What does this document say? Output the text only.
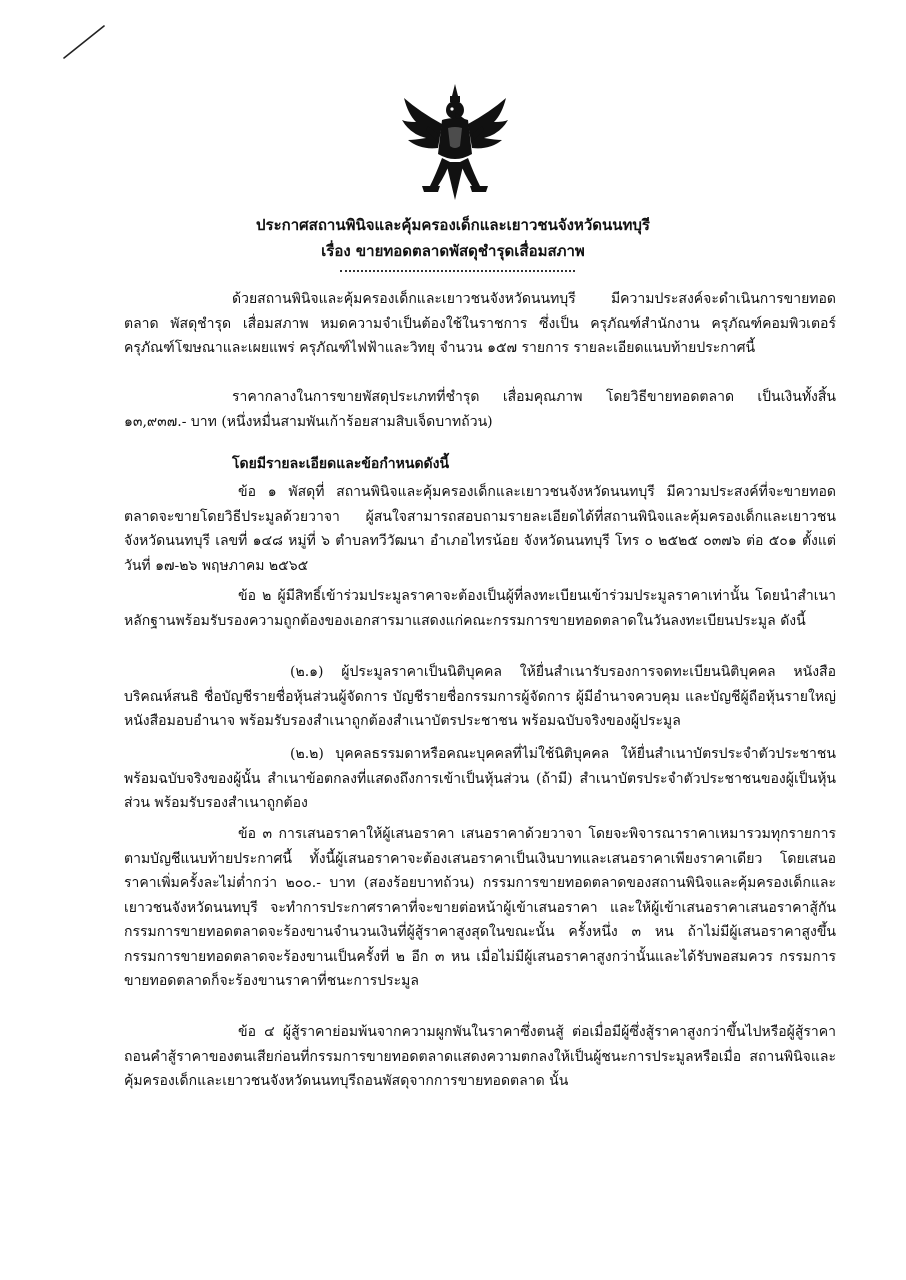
ประกาศสถานพินิจและคุ้มครองเด็กและเยาวชนจังหวัดนนทบุรี
เรื่อง ขายทอดตลาดพัสดุชำรุดเสื่อมสภาพ

ด้วยสถานพินิจและคุ้มครองเด็กและเยาวชนจังหวัดนนทบุรี มีความประสงค์จะดำเนินการขายทอดตลาด พัสดุชำรุด เสื่อมสภาพ หมดความจำเป็นต้องใช้ในราชการ ซึ่งเป็น ครุภัณฑ์สำนักงาน ครุภัณฑ์คอมพิวเตอร์ ครุภัณฑ์โฆษณาและเผยแพร่ ครุภัณฑ์ไฟฟ้าและวิทยุ จำนวน ๑๕๗ รายการ รายละเอียดแนบท้ายประกาศนี้

ราคากลางในการขายพัสดุประเภทที่ชำรุด เสื่อมคุณภาพ โดยวิธีขายทอดตลาด เป็นเงินทั้งสิ้น ๑๓,๙๓๗.- บาท (หนึ่งหมื่นสามพันเก้าร้อยสามสิบเจ็ดบาทถ้วน)

โดยมีรายละเอียดและข้อกำหนดดังนี้

ข้อ ๑ พัสดุที่ สถานพินิจและคุ้มครองเด็กและเยาวชนจังหวัดนนทบุรี มีความประสงค์ที่จะขายทอดตลาดจะขายโดยวิธีประมูลด้วยวาจา ผู้สนใจสามารถสอบถามรายละเอียดได้ที่สถานพินิจและคุ้มครองเด็กและเยาวชนจังหวัดนนทบุรี เลขที่ ๑๔๘ หมู่ที่ ๖ ตำบลทวีวัฒนา อำเภอไทรน้อย จังหวัดนนทบุรี โทร ๐ ๒๕๒๕ ๐๓๗๖ ต่อ ๕๐๑ ตั้งแต่วันที่ ๑๗-๒๖ พฤษภาคม ๒๕๖๕

ข้อ ๒ ผู้มีสิทธิ์เข้าร่วมประมูลราคาจะต้องเป็นผู้ที่ลงทะเบียนเข้าร่วมประมูลราคาเท่านั้น โดยนำสำเนาหลักฐานพร้อมรับรองความถูกต้องของเอกสารมาแสดงแก่คณะกรรมการขายทอดตลาดในวันลงทะเบียนประมูล ดังนี้

(๒.๑) ผู้ประมูลราคาเป็นนิติบุคคล ให้ยื่นสำเนารับรองการจดทะเบียนนิติบุคคล หนังสือบริคณห์สนธิ ชื่อบัญชีรายชื่อหุ้นส่วนผู้จัดการ บัญชีรายชื่อกรรมการผู้จัดการ ผู้มีอำนาจควบคุม และบัญชีผู้ถือหุ้นรายใหญ่ หนังสือมอบอำนาจ พร้อมรับรองสำเนาถูกต้องสำเนาบัตรประชาชน พร้อมฉบับจริงของผู้ประมูล

(๒.๒) บุคคลธรรมดาหรือคณะบุคคลที่ไม่ใช้นิติบุคคล ให้ยื่นสำเนาบัตรประจำตัวประชาชนพร้อมฉบับจริงของผู้นั้น สำเนาข้อตกลงที่แสดงถึงการเข้าเป็นหุ้นส่วน (ถ้ามี) สำเนาบัตรประจำตัวประชาชนของผู้เป็นหุ้นส่วน พร้อมรับรองสำเนาถูกต้อง

ข้อ ๓ การเสนอราคาให้ผู้เสนอราคา เสนอราคาด้วยวาจา โดยจะพิจารณาราคาเหมารวมทุกรายการตามบัญชีแนบท้ายประกาศนี้ ทั้งนี้ผู้เสนอราคาจะต้องเสนอราคาเป็นเงินบาทและเสนอราคาเพียงราคาเดียว โดยเสนอราคาเพิ่มครั้งละไม่ต่ำกว่า ๒๐๐.- บาท (สองร้อยบาทถ้วน) กรรมการขายทอดตลาดของสถานพินิจและคุ้มครองเด็กและเยาวชนจังหวัดนนทบุรี จะทำการประกาศราคาที่จะขายต่อหน้าผู้เข้าเสนอราคา และให้ผู้เข้าเสนอราคาเสนอราคาสู้กัน กรรมการขายทอดตลาดจะร้องขานจำนวนเงินที่ผู้สู้ราคาสูงสุดในขณะนั้น ครั้งหนึ่ง ๓ หน ถ้าไม่มีผู้เสนอราคาสูงขึ้นกรรมการขายทอดตลาดจะร้องขานเป็นครั้งที่ ๒ อีก ๓ หน เมื่อไม่มีผู้เสนอราคาสูงกว่านั้นและได้รับพอสมควร กรรมการขายทอดตลาดก็จะร้องขานราคาที่ชนะการประมูล

ข้อ ๔ ผู้สู้ราคาย่อมพ้นจากความผูกพันในราคาซึ่งตนสู้ ต่อเมื่อมีผู้ซึ่งสู้ราคาสูงกว่าขึ้นไปหรือผู้สู้ราคาถอนคำสู้ราคาของตนเสียก่อนที่กรรมการขายทอดตลาดแสดงความตกลงให้เป็นผู้ชนะการประมูลหรือเมื่อ สถานพินิจและคุ้มครองเด็กและเยาวชนจังหวัดนนทบุรีถอนพัสดุจากการขายทอดตลาด นั้น
